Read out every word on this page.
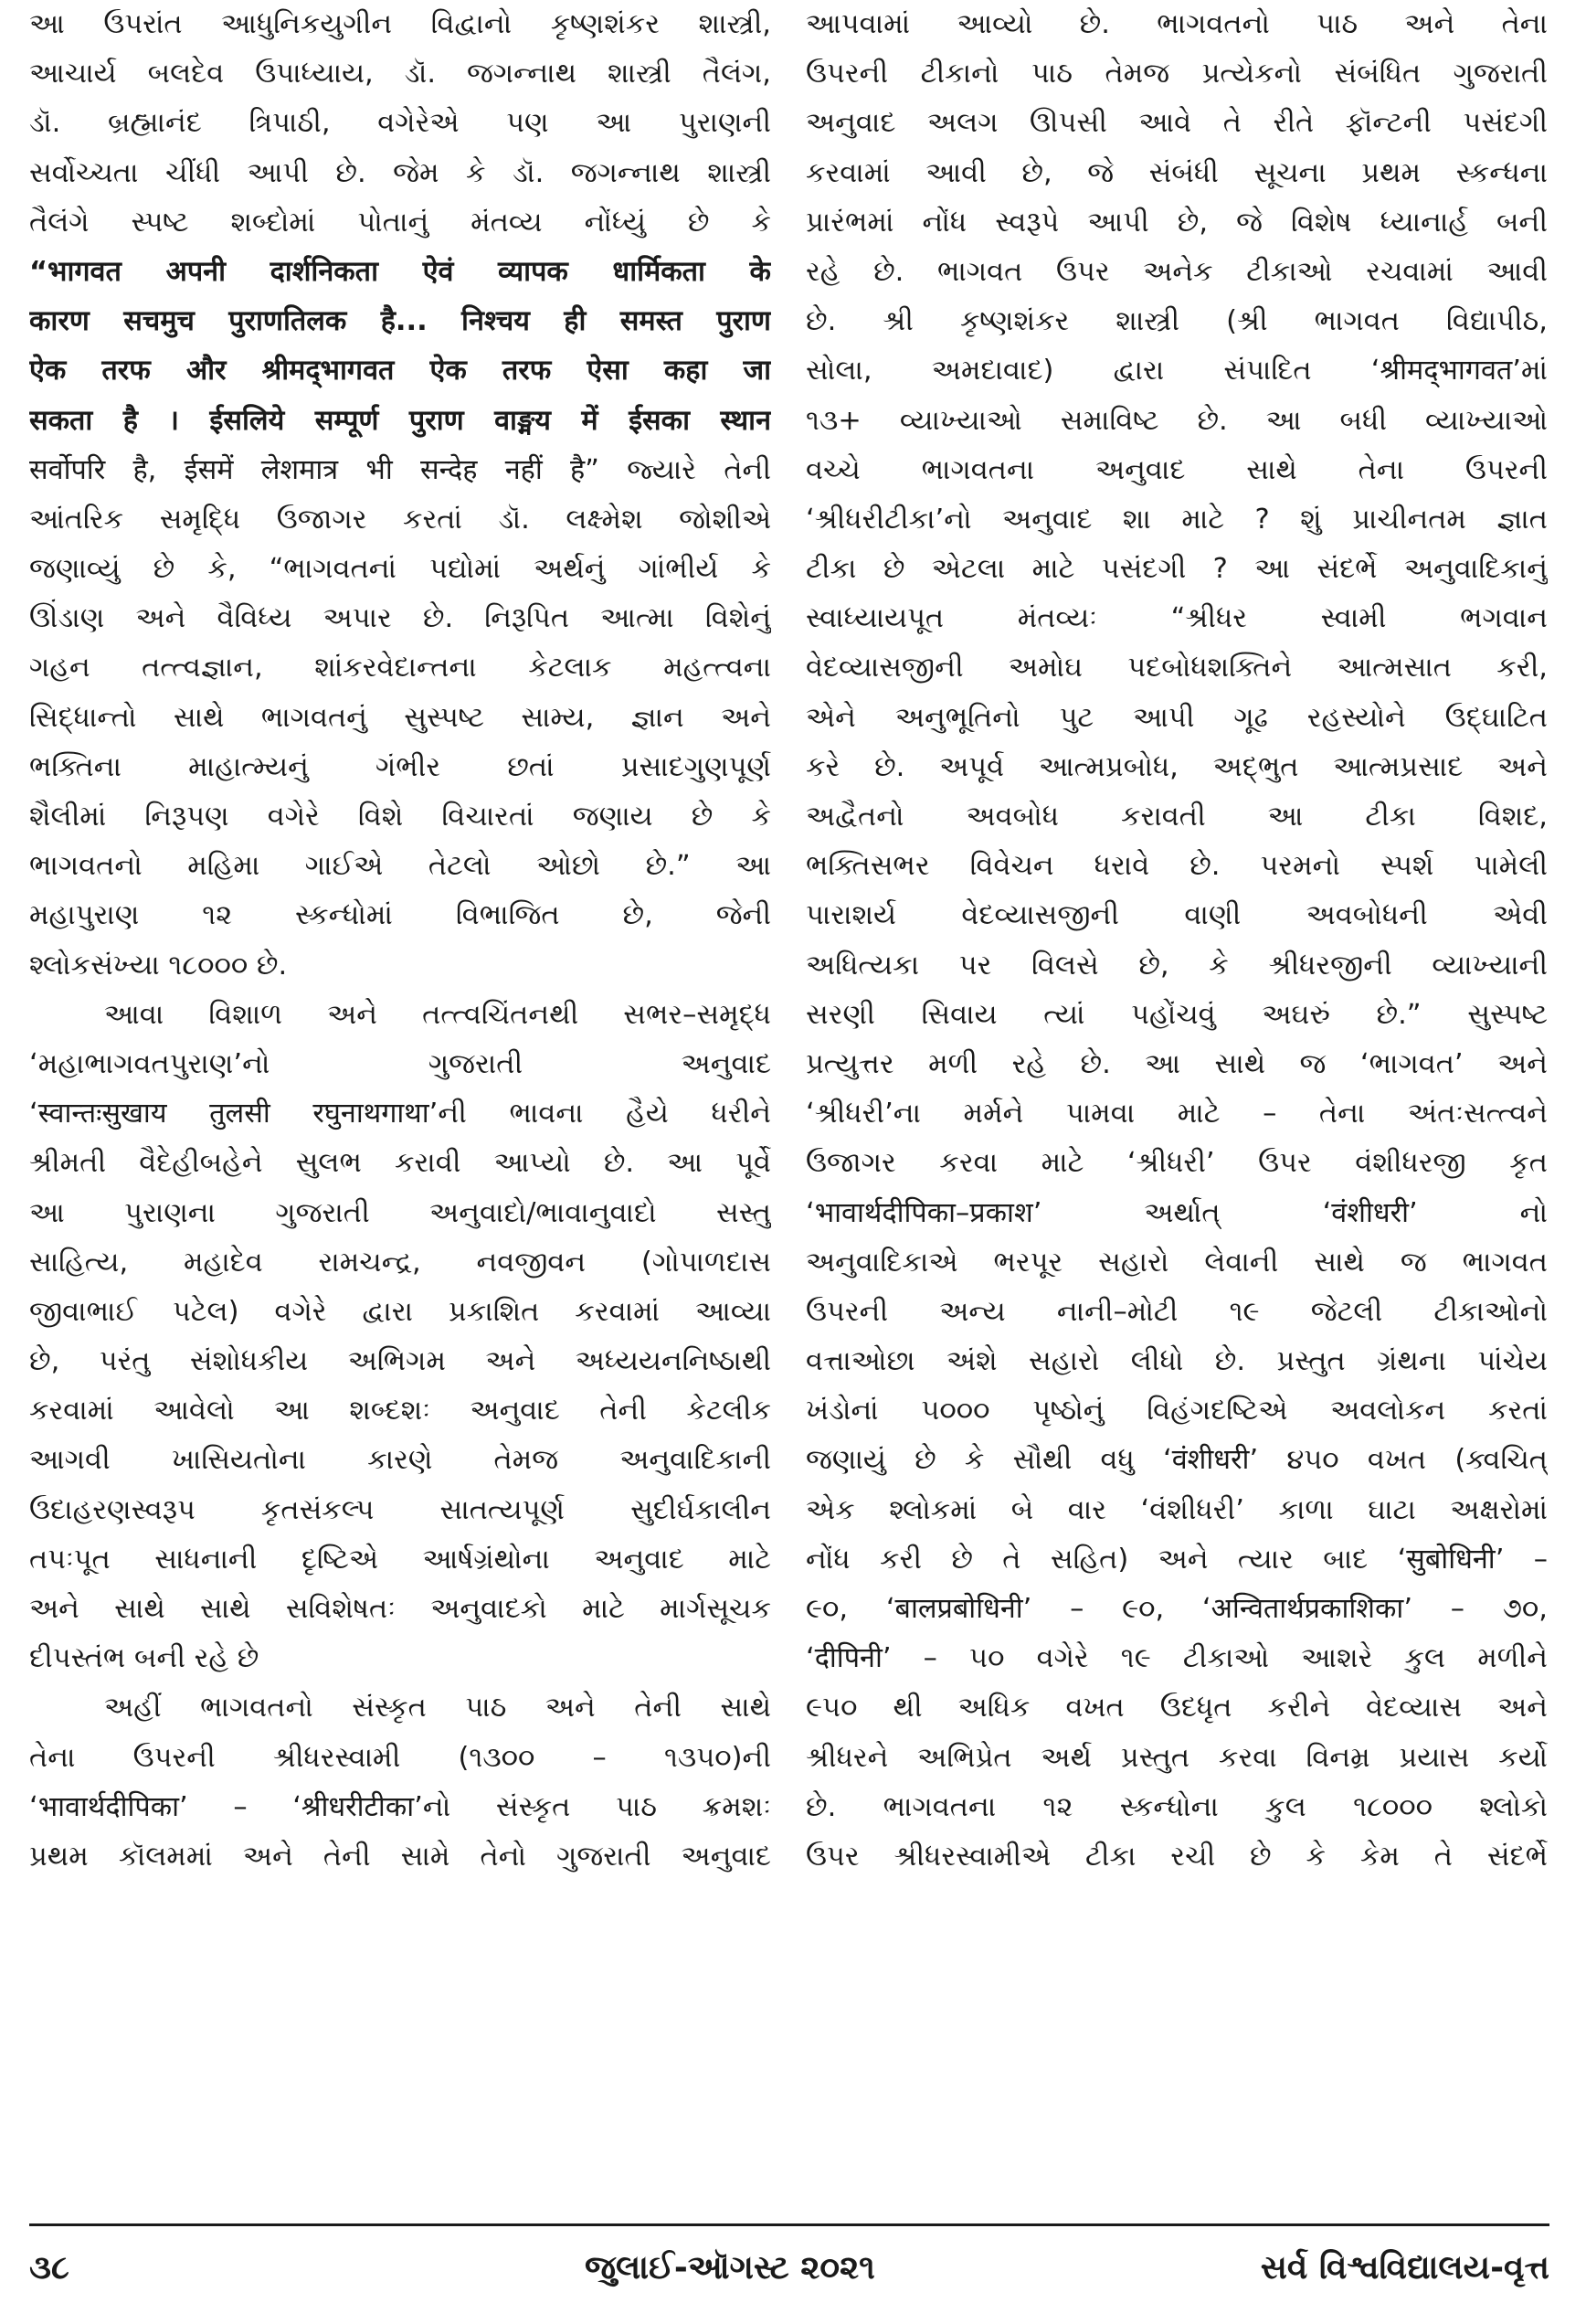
આ ઉપરાંત આધુનિકયુગીન વિદ્વાનો કૃષ્ણશંકર શાસ્ત્રી,
આચાર્ય બલદેવ ઉપાધ્યાય, ડૉ. જગન્નાથ શાસ્ત્રી તૈલંગ,
ડૉ. બ્રહ્માનંદ ત્રિપાઠી, વગેરેએ પણ આ પુરાણની
સર્વોચ્ચતા ચીંધી આપી છે. જેમ કે ડૉ. જગન્નાથ શાસ્ત્રી
તૈલંગે સ્પષ્ટ શબ્દોમાં પોતાનું મંતવ્ય નોંધ્યું છે કે
“भागवत अपनी दार्शनिकता ऐवं व्यापक धार्मिकता के
कारण सचमुच पुराणतिलक है... निश्चय ही समस्त पुराण
ऐक तरफ और श्रीमद्‌भागवत ऐक तरफ ऐसा कहा जा
सकता है । ईसलिये सम्पूर्ण पुराण वाङ्मय में ईसका स्थान
सर्वोपरि है, ईसमें लेशमात्र भी सन्देह नहीं है” જ્યારે તેની
આંતરિક સમૃદ્ધિ ઉજાગર કરતાં ડૉ. લક્ષ્મેશ જોશીએ
જણાવ્યું છે કે, “ભાગવતનાં પદ્યોમાં અર્થનું ગાંભીર્ય કે
ઊંડાણ અને વૈવિધ્ય અપાર છે. નિરૂપિત આત્મા વિશેનું
ગહન તત્ત્વજ્ઞાન, શાંકરવેદાન્તના કેટલાક મહત્ત્વના
સિદ્ધાન્તો સાથે ભાગવતનું સુસ્પષ્ટ સામ્ય, જ્ઞાન અને
ભક્તિના માહાત્મ્યનું ગંભીર છતાં પ્રસાદગુણપૂર્ણ
શૈલીમાં નિરૂપણ વગેરે વિશે વિચારતાં જણાય છે કે
ભાગવતનો મહિમા ગાઈએ તેટલો ઓછો છે.” આ
મહાપુરાણ ૧૨ સ્કન્ધોમાં વિભાજિત છે, જેની
શ્લોકસંખ્યા ૧૮૦૦૦ છે.
આવા વિશાળ અને તત્ત્વચિંતનથી સભર–સમૃદ્ધ
‘મહાભાગવતપુરાણ’નો ગુજરાતી અનુવાદ
‘स्वान्तःसुखाय तुलसी रघुनाथगाथा’ની ભાવના હૈયે ધરીને
શ્રીમતી વૈદેહીબહેને સુલભ કરાવી આપ્યો છે. આ પૂર્વે
આ પુરાણના ગુજરાતી અનુવાદો/ભાવાનુવાદો સસ્તુ
સાહિત્ય, મહાદેવ રામચન્દ્ર, નવજીવન (ગોપાળદાસ
જીવાભાઈ પટેલ) વગેરે દ્વારા પ્રકાશિત કરવામાં આવ્યા
છે, પરંતુ સંશોધકીય અભિગમ અને અધ્યયનનિષ્ઠાથી
કરવામાં આવેલો આ શબ્દશઃ અનુવાદ તેની કેટલીક
આગવી ખાસિયતોના કારણે તેમજ અનુવાદિકાની
ઉદાહરણસ્વરૂપ કૃતસંકલ્પ સાતત્યપૂર્ણ સુદીર્ઘકાલીન
તપઃપૂત સાધનાની દૃષ્ટિએ આર્ષગ્રંથોના અનુવાદ માટે
અને સાથે સાથે સવિશેષતઃ અનુવાદકો માટે માર્ગસૂચક
દીપસ્તંભ બની રહે છે
અહીં ભાગવતનો સંસ્કૃત પાઠ અને તેની સાથે
તેના ઉપરની શ્રીધરસ્વામી (૧૩૦૦ – ૧૩૫૦)ની
‘भावार्थदीपिका’ – ‘श्रीधरीटीका’નો સંસ્કૃત પાઠ ક્રમશઃ
પ્રથમ કૉલમમાં અને તેની સામે તેનો ગુજરાતી અનુવાદ
આપવામાં આવ્યો છે. ભાગવતનો પાઠ અને તેના
ઉપરની ટીકાનો પાઠ તેમજ પ્રત્યેકનો સંબંધિત ગુજરાતી
અનુવાદ અલગ ઊપસી આવે તે રીતે ફૉન્ટની પસંદગી
કરવામાં આવી છે, જે સંબંધી સૂચના પ્રથમ સ્કન્ધના
પ્રારંભમાં નોંધ સ્વરૂપે આપી છે, જે વિશેષ ધ્યાનાર્હ બની
રહે છે. ભાગવત ઉપર અનેક ટીકાઓ રચવામાં આવી
છે. શ્રી કૃષ્ણશંકર શાસ્ત્રી (શ્રી ભાગવત વિદ્યાપીઠ,
સોલા, અમદાવાદ) દ્વારા સંપાદિત ‘श्रीमद्‌भागवत’માં
૧૩+ વ્યાખ્યાઓ સમાવિષ્ટ છે. આ બધી વ્યાખ્યાઓ
વચ્ચે ભાગવતના અનુવાદ સાથે તેના ઉપરની
‘શ્રીધરીટીકા’નો અનુવાદ શા માટે ? શું પ્રાચીનતમ જ્ઞાત
ટીકા છે એટલા માટે પસંદગી ? આ સંદર્ભે અનુવાદિકાનું
સ્વાધ્યાયપૂત મંતવ્યઃ “શ્રીધર સ્વામી ભગવાન
વેદવ્યાસજીની અમોઘ પદબોધશક્તિને આત્મસાત કરી,
એને અનુભૂતિનો પુટ આપી ગૂઢ રહસ્યોને ઉદ્‌ઘાટિત
કરે છે. અપૂર્વ આત્મપ્રબોધ, અદ્‌ભુત આત્મપ્રસાદ અને
અદ્વૈતનો અવબોધ કરાવતી આ ટીકા વિશદ,
ભક્તિસભર વિવેચન ધરાવે છે. પરમનો સ્પર્શ પામેલી
પારાશર્ય વેદવ્યાસજીની વાણી અવબોધની એવી
અધિત્યકા પર વિલસે છે, કે શ્રીધરજીની વ્યાખ્યાની
સરણી સિવાય ત્યાં પહોંચવું અઘરું છે.” સુસ્પષ્ટ
પ્રત્યુત્તર મળી રહે છે. આ સાથે જ ‘ભાગવત’ અને
‘શ્રીધરી’ના મર્મને પામવા માટે – તેના અંતઃસત્ત્વને
ઉજાગર કરવા માટે ‘શ્રીધરી’ ઉપર વંશીધરજી કૃત
‘भावार्थदीपिका–प्रकाश’ અર્થાત્ ‘वंशीधरी’ નો
અનુવાદિકાએ ભરપૂર સહારો લેવાની સાથે જ ભાગવત
ઉપરની અન્ય નાની–મોટી ૧૯ જેટલી ટીકાઓનો
વત્તાઓછા અંશે સહારો લીધો છે. પ્રસ્તુત ગ્રંથના પાંચેય
ખંડોનાં ૫૦૦૦ પૃષ્ઠોનું વિહંગદષ્ટિએ અવલોકન કરતાં
જણાયું છે કે સૌથી વધુ ‘वंशीधरी’ ૪૫૦ વખત (ક્વચિત્
એક શ્લોકમાં બે વાર ‘વંશીધરી’ કાળા ઘાટા અક્ષરોમાં
નોંધ કરી છે તે સહિત) અને ત્યાર બાદ ‘सुबोधिनी’ –
૯૦, ‘बालप्रबोधिनी’ – ૯૦, ‘अन्वितार्थप्रकाशिका’ – ૭૦,
‘दीपिनी’ – ૫૦ વગેરે ૧૯ ટીકાઓ આશરે કુલ મળીને
૯૫૦ થી અધિક વખત ઉદધૃત કરીને વેદવ્યાસ અને
શ્રીધરને અભિપ્રેત અર્થ પ્રસ્તુત કરવા વિનમ્ર પ્રયાસ કર્યો
છે. ભાગવતના ૧૨ સ્કન્ધોના કુલ ૧૮૦૦૦ શ્લોકો
ઉપર શ્રીધરસ્વામીએ ટીકા રચી છે કે કેમ તે સંદર્ભે
૩૮	જુલાઈ-ઑગસ્ટ ૨૦૨૧	સર્વ વિશ્વવિદ્યાલય-વૃત્ત
